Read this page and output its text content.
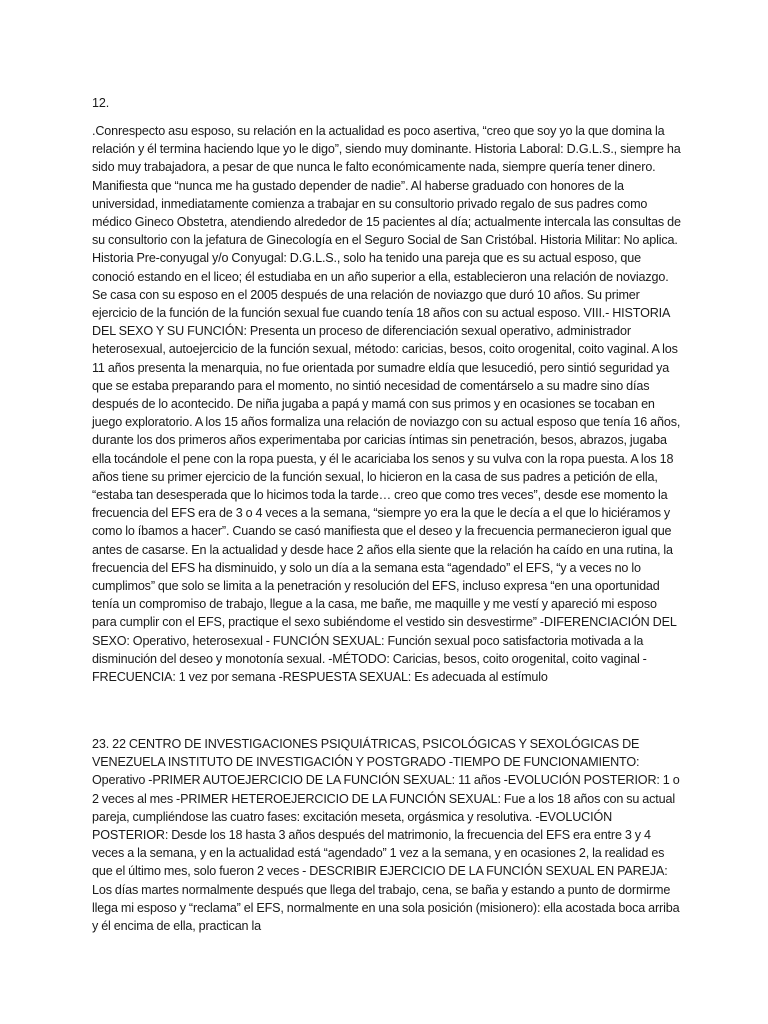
12.

.Conrespecto asu esposo, su relación en la actualidad es poco asertiva, “creo que soy yo la que domina la relación y él termina haciendo lque yo le digo”, siendo muy dominante. Historia Laboral: D.G.L.S., siempre ha sido muy trabajadora, a pesar de que nunca le falto económicamente nada, siempre quería tener dinero. Manifiesta que “nunca me ha gustado depender de nadie”. Al haberse graduado con honores de la universidad, inmediatamente comienza a trabajar en su consultorio privado regalo de sus padres como médico Gineco Obstetra, atendiendo alrededor de 15 pacientes al día; actualmente intercala las consultas de su consultorio con la jefatura de Ginecología en el Seguro Social de San Cristóbal. Historia Militar: No aplica. Historia Pre-conyugal y/o Conyugal: D.G.L.S., solo ha tenido una pareja que es su actual esposo, que conoció estando en el liceo; él estudiaba en un año superior a ella, establecieron una relación de noviazgo. Se casa con su esposo en el 2005 después de una relación de noviazgo que duró 10 años. Su primer ejercicio de la función de la función sexual fue cuando tenía 18 años con su actual esposo. VIII.- HISTORIA DEL SEXO Y SU FUNCIÓN: Presenta un proceso de diferenciación sexual operativo, administrador heterosexual, autoejercicio de la función sexual, método: caricias, besos, coito orogenital, coito vaginal. A los 11 años presenta la menarquia, no fue orientada por sumadre eldía que lesucedió, pero sintió seguridad ya que se estaba preparando para el momento, no sintió necesidad de comentárselo a su madre sino días después de lo acontecido. De niña jugaba a papá y mamá con sus primos y en ocasiones se tocaban en juego exploratorio. A los 15 años formaliza una relación de noviazgo con su actual esposo que tenía 16 años, durante los dos primeros años experimentaba por caricias íntimas sin penetración, besos, abrazos, jugaba ella tocándole el pene con la ropa puesta, y él le acariciaba los senos y su vulva con la ropa puesta. A los 18 años tiene su primer ejercicio de la función sexual, lo hicieron en la casa de sus padres a petición de ella, “estaba tan desesperada que lo hicimos toda la tarde… creo que como tres veces”, desde ese momento la frecuencia del EFS era de 3 o 4 veces a la semana, “siempre yo era la que le decía a el que lo hiciéramos y como lo íbamos a hacer”. Cuando se casó manifiesta que el deseo y la frecuencia permanecieron igual que antes de casarse. En la actualidad y desde hace 2 años ella siente que la relación ha caído en una rutina, la frecuencia del EFS ha disminuido, y solo un día a la semana esta “agendado” el EFS, “y a veces no lo cumplimos” que solo se limita a la penetración y resolución del EFS, incluso expresa “en una oportunidad tenía un compromiso de trabajo, llegue a la casa, me bañe, me maquille y me vestí y apareció mi esposo para cumplir con el EFS, practique el sexo subiéndome el vestido sin desvestirme” -DIFERENCIACIÓN DEL SEXO: Operativo, heterosexual - FUNCIÓN SEXUAL: Función sexual poco satisfactoria motivada a la disminución del deseo y monotonía sexual. -MÉTODO: Caricias, besos, coito orogenital, coito vaginal -FRECUENCIA: 1 vez por semana -RESPUESTA SEXUAL: Es adecuada al estímulo

23. 22 CENTRO DE INVESTIGACIONES PSIQUIÁTRICAS, PSICOLÓGICAS Y SEXOLÓGICAS DE VENEZUELA INSTITUTO DE INVESTIGACIÓN Y POSTGRADO -TIEMPO DE FUNCIONAMIENTO: Operativo -PRIMER AUTOEJERCICIO DE LA FUNCIÓN SEXUAL: 11 años -EVOLUCIÓN POSTERIOR: 1 o 2 veces al mes -PRIMER HETEROEJERCICIO DE LA FUNCIÓN SEXUAL: Fue a los 18 años con su actual pareja, cumpliéndose las cuatro fases: excitación meseta, orgásmica y resolutiva. -EVOLUCIÓN POSTERIOR: Desde los 18 hasta 3 años después del matrimonio, la frecuencia del EFS era entre 3 y 4 veces a la semana, y en la actualidad está “agendado” 1 vez a la semana, y en ocasiones 2, la realidad es que el último mes, solo fueron 2 veces - DESCRIBIR EJERCICIO DE LA FUNCIÓN SEXUAL EN PAREJA: Los días martes normalmente después que llega del trabajo, cena, se baña y estando a punto de dormirme llega mi esposo y “reclama” el EFS, normalmente en una sola posición (misionero): ella acostada boca arriba y él encima de ella, practican la
